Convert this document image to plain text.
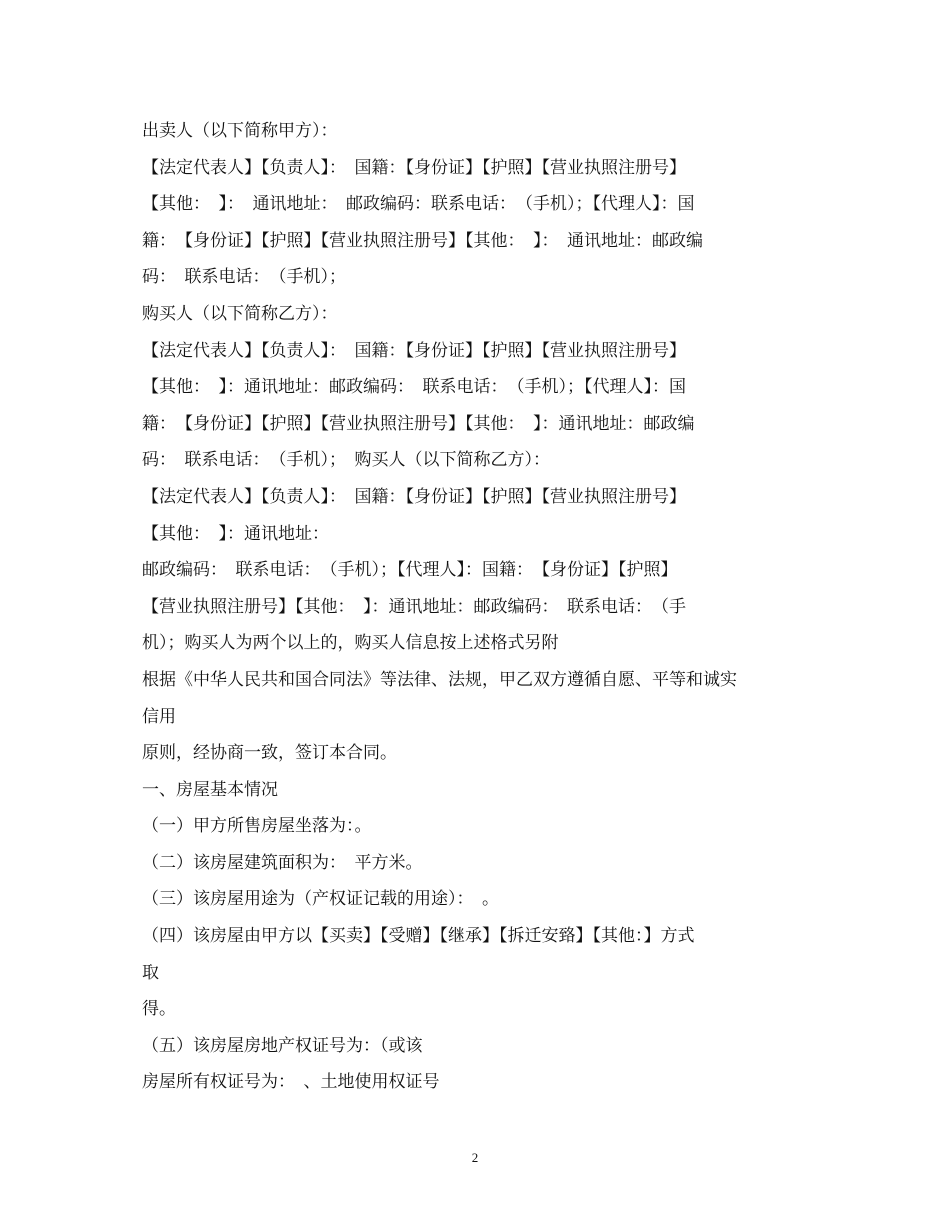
出卖人（以下简称甲方）：
【法定代表人】【负责人】：　国籍：【身份证】【护照】【营业执照注册号】
【其他：　】：　通讯地址：　邮政编码：联系电话：　（手机）；【代理人】：国
籍：　【身份证】【护照】【营业执照注册号】【其他：　】：　通讯地址：邮政编
码：　联系电话：　（手机）；
购买人（以下简称乙方）：
【法定代表人】【负责人】：　国籍：【身份证】【护照】【营业执照注册号】
【其他：　】：通讯地址：邮政编码：　联系电话：　（手机）；【代理人】：国
籍：　【身份证】【护照】【营业执照注册号】【其他：　】：通讯地址：邮政编
码：　联系电话：　（手机）；　购买人（以下简称乙方）：
【法定代表人】【负责人】：　国籍：【身份证】【护照】【营业执照注册号】
【其他：　】：通讯地址：
邮政编码：　联系电话：　（手机）；【代理人】：国籍：　【身份证】【护照】
【营业执照注册号】【其他：　】：通讯地址：邮政编码：　联系电话：　（手
机）；购买人为两个以上的，购买人信息按上述格式另附
根据《中华人民共和国合同法》等法律、法规，甲乙双方遵循自愿、平等和诚实
信用
原则，经协商一致，签订本合同。
一、房屋基本情况
（一）甲方所售房屋坐落为：。
（二）该房屋建筑面积为：　平方米。
（三）该房屋用途为（产权证记载的用途）：　。
（四）该房屋由甲方以【买卖】【受赠】【继承】【拆迁安臵】【其他：】方式
取
得。
（五）该房屋房地产权证号为：（或该
房屋所有权证号为：　、土地使用权证号
2
